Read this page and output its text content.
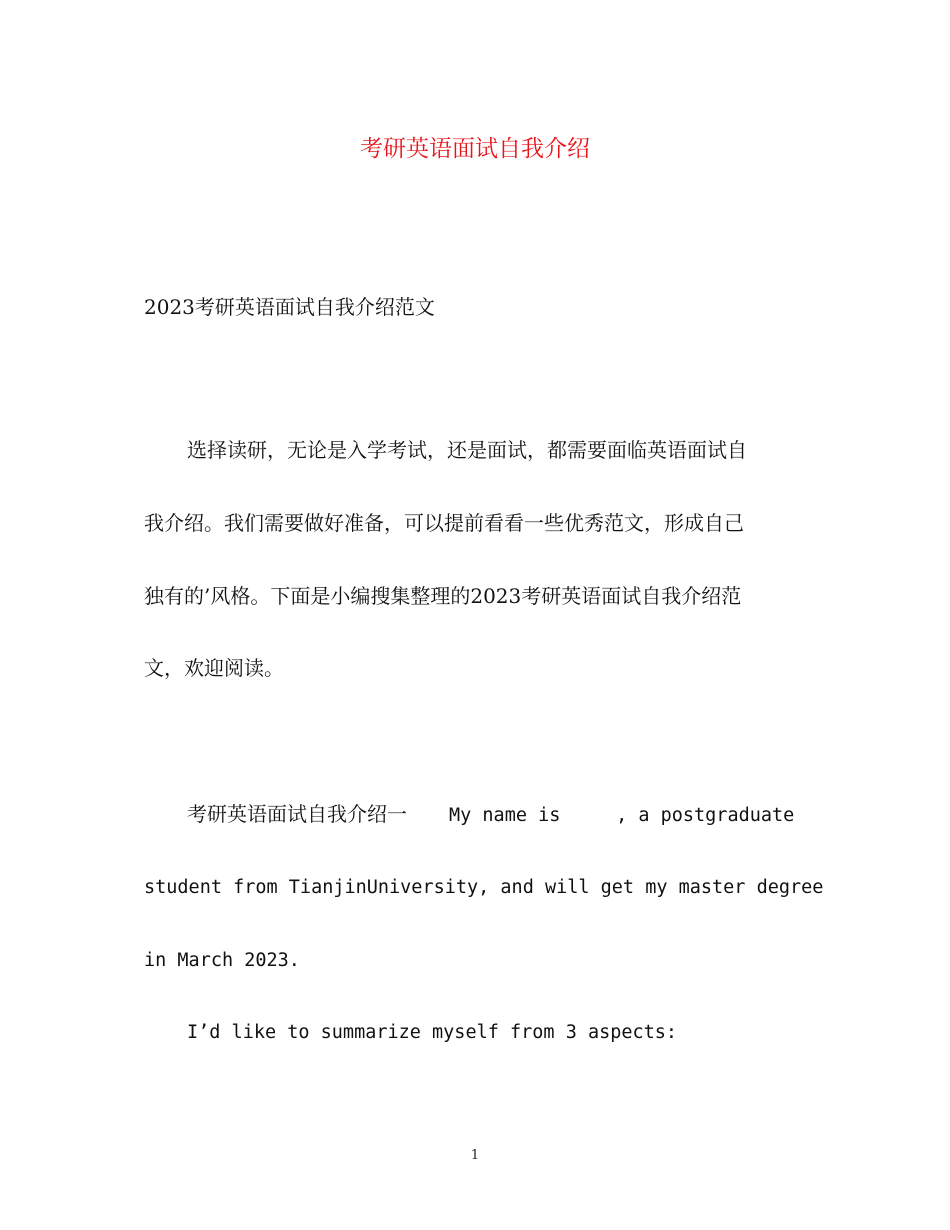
考研英语面试自我介绍
2023考研英语面试自我介绍范文
选择读研，无论是入学考试，还是面试，都需要面临英语面试自
我介绍。我们需要做好准备，可以提前看看一些优秀范文，形成自己
独有的’风格。下面是小编搜集整理的2023考研英语面试自我介绍范
文，欢迎阅读。
考研英语面试自我介绍一 My name is     , a postgraduate
student from TianjinUniversity, and will get my master degree
in March 2023.
I’d like to summarize myself from 3 aspects:
1
